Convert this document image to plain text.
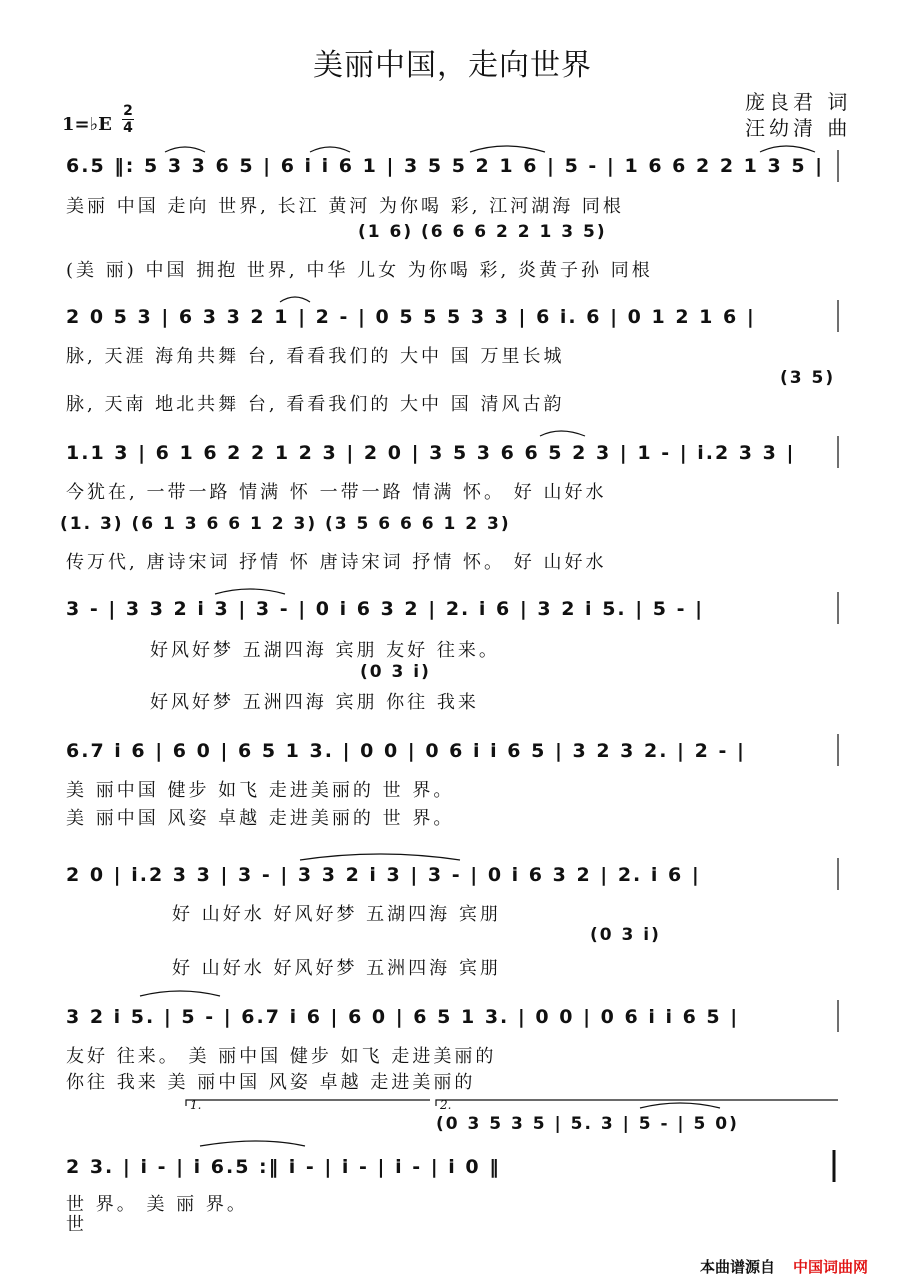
美丽中国，走向世界
庞良君 词
汪幼清 曲
1=♭E
2
4
6.5 ‖: 5 3 3 6 5 | 6 i i 6 1 | 3 5 5 2 1 6 | 5 - | 1 6 6 2 2 1 3 5 |
美丽 中国 走向 世界, 长江 黄河 为你喝 彩, 江河湖海 同根
(1 6) (6 6 6 2 2 1 3 5)
(美 丽) 中国 拥抱 世界, 中华 儿女 为你喝 彩, 炎黄子孙 同根
2 0 5 3 | 6 3 3 2 1 | 2 - | 0 5 5 5 3 3 | 6 i. 6 | 0 1 2 1 6 |
脉, 天涯 海角共舞 台, 看看我们的 大中 国 万里长城
(3 5)
脉, 天南 地北共舞 台, 看看我们的 大中 国 清风古韵
1.1 3 | 6 1 6 2 2 1 2 3 | 2 0 | 3 5 3 6 6 5 2 3 | 1 - | i.2 3 3 |
今犹在, 一带一路 情满 怀 一带一路 情满 怀。 好 山好水
(1. 3) (6 1 3 6 6 1 2 3) (3 5 6 6 6 1 2 3)
传万代, 唐诗宋词 抒情 怀 唐诗宋词 抒情 怀。 好 山好水
3 - | 3 3 2 i 3 | 3 - | 0 i 6 3 2 | 2. i 6 | 3 2 i 5. | 5 - |
好风好梦 五湖四海 宾朋 友好 往来。
(0 3 i)
好风好梦 五洲四海 宾朋 你往 我来
6.7 i 6 | 6 0 | 6 5 1 3. | 0 0 | 0 6 i i 6 5 | 3 2 3 2. | 2 - |
美 丽中国 健步 如飞 走进美丽的 世 界。
美 丽中国 风姿 卓越 走进美丽的 世 界。
2 0 | i.2 3 3 | 3 - | 3 3 2 i 3 | 3 - | 0 i 6 3 2 | 2. i 6 |
好 山好水 好风好梦 五湖四海 宾朋
(0 3 i)
好 山好水 好风好梦 五洲四海 宾朋
3 2 i 5. | 5 - | 6.7 i 6 | 6 0 | 6 5 1 3. | 0 0 | 0 6 i i 6 5 |
友好 往来。 美 丽中国 健步 如飞 走进美丽的
你往 我来 美 丽中国 风姿 卓越 走进美丽的
1.	2.
(0 3 5 3 5 | 5. 3 | 5 - | 5 0)
2 3. | i - | i 6.5 :‖ i - | i - | i - | i 0 ‖
世 界。 美 丽 界。
世
本曲谱源自 中国词曲网
